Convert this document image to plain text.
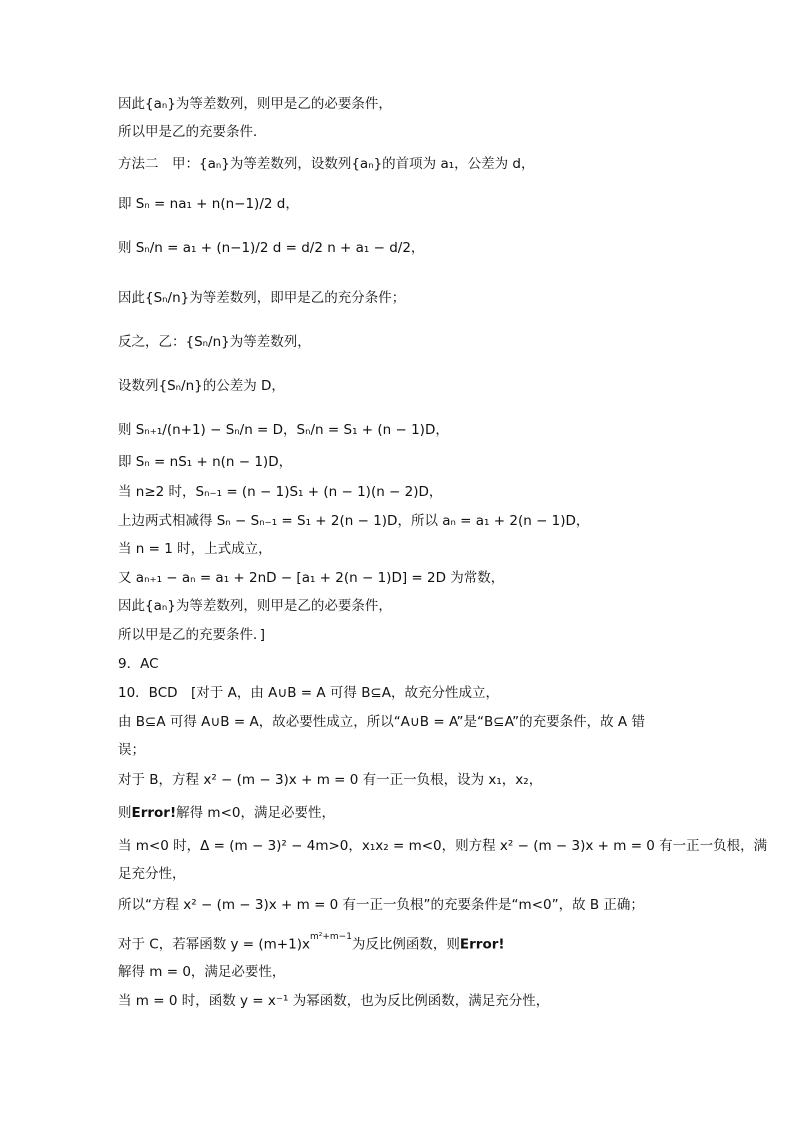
因此{aₙ}为等差数列，则甲是乙的必要条件，
所以甲是乙的充要条件．
方法二　甲：{aₙ}为等差数列，设数列{aₙ}的首项为 a₁，公差为 d，
即 Sₙ = na₁ + n(n−1)/2 d，
则 Sₙ/n = a₁ + (n−1)/2 d = d/2 n + a₁ − d/2，
因此{Sₙ/n}为等差数列，即甲是乙的充分条件；
反之，乙：{Sₙ/n}为等差数列，
设数列{Sₙ/n}的公差为 D，
则 Sₙ₊₁/(n+1) − Sₙ/n = D，Sₙ/n = S₁ + (n − 1)D，
即 Sₙ = nS₁ + n(n − 1)D，
当 n≥2 时，Sₙ₋₁ = (n − 1)S₁ + (n − 1)(n − 2)D，
上边两式相减得 Sₙ − Sₙ₋₁ = S₁ + 2(n − 1)D，所以 aₙ = a₁ + 2(n − 1)D，
当 n = 1 时，上式成立，
又 aₙ₊₁ − aₙ = a₁ + 2nD − [a₁ + 2(n − 1)D] = 2D 为常数，
因此{aₙ}为等差数列，则甲是乙的必要条件，
所以甲是乙的充要条件．]
9．AC
10．BCD　[对于 A，由 A∪B = A 可得 B⊆A，故充分性成立，
由 B⊆A 可得 A∪B = A，故必要性成立，所以“A∪B = A”是“B⊆A”的充要条件，故 A 错
误；
对于 B，方程 x² − (m − 3)x + m = 0 有一正一负根，设为 x₁，x₂，
则Error!解得 m<0，满足必要性，
当 m<0 时，Δ = (m − 3)² − 4m>0，x₁x₂ = m<0，则方程 x² − (m − 3)x + m = 0 有一正一负根，满
足充分性，
所以“方程 x² − (m − 3)x + m = 0 有一正一负根”的充要条件是“m<0”，故 B 正确；
对于 C，若幂函数 $y = (m+1)x^{m^2+m-1}$为反比例函数，则Error!
解得 m = 0，满足必要性，
当 m = 0 时，函数 y = x⁻¹ 为幂函数，也为反比例函数，满足充分性，
